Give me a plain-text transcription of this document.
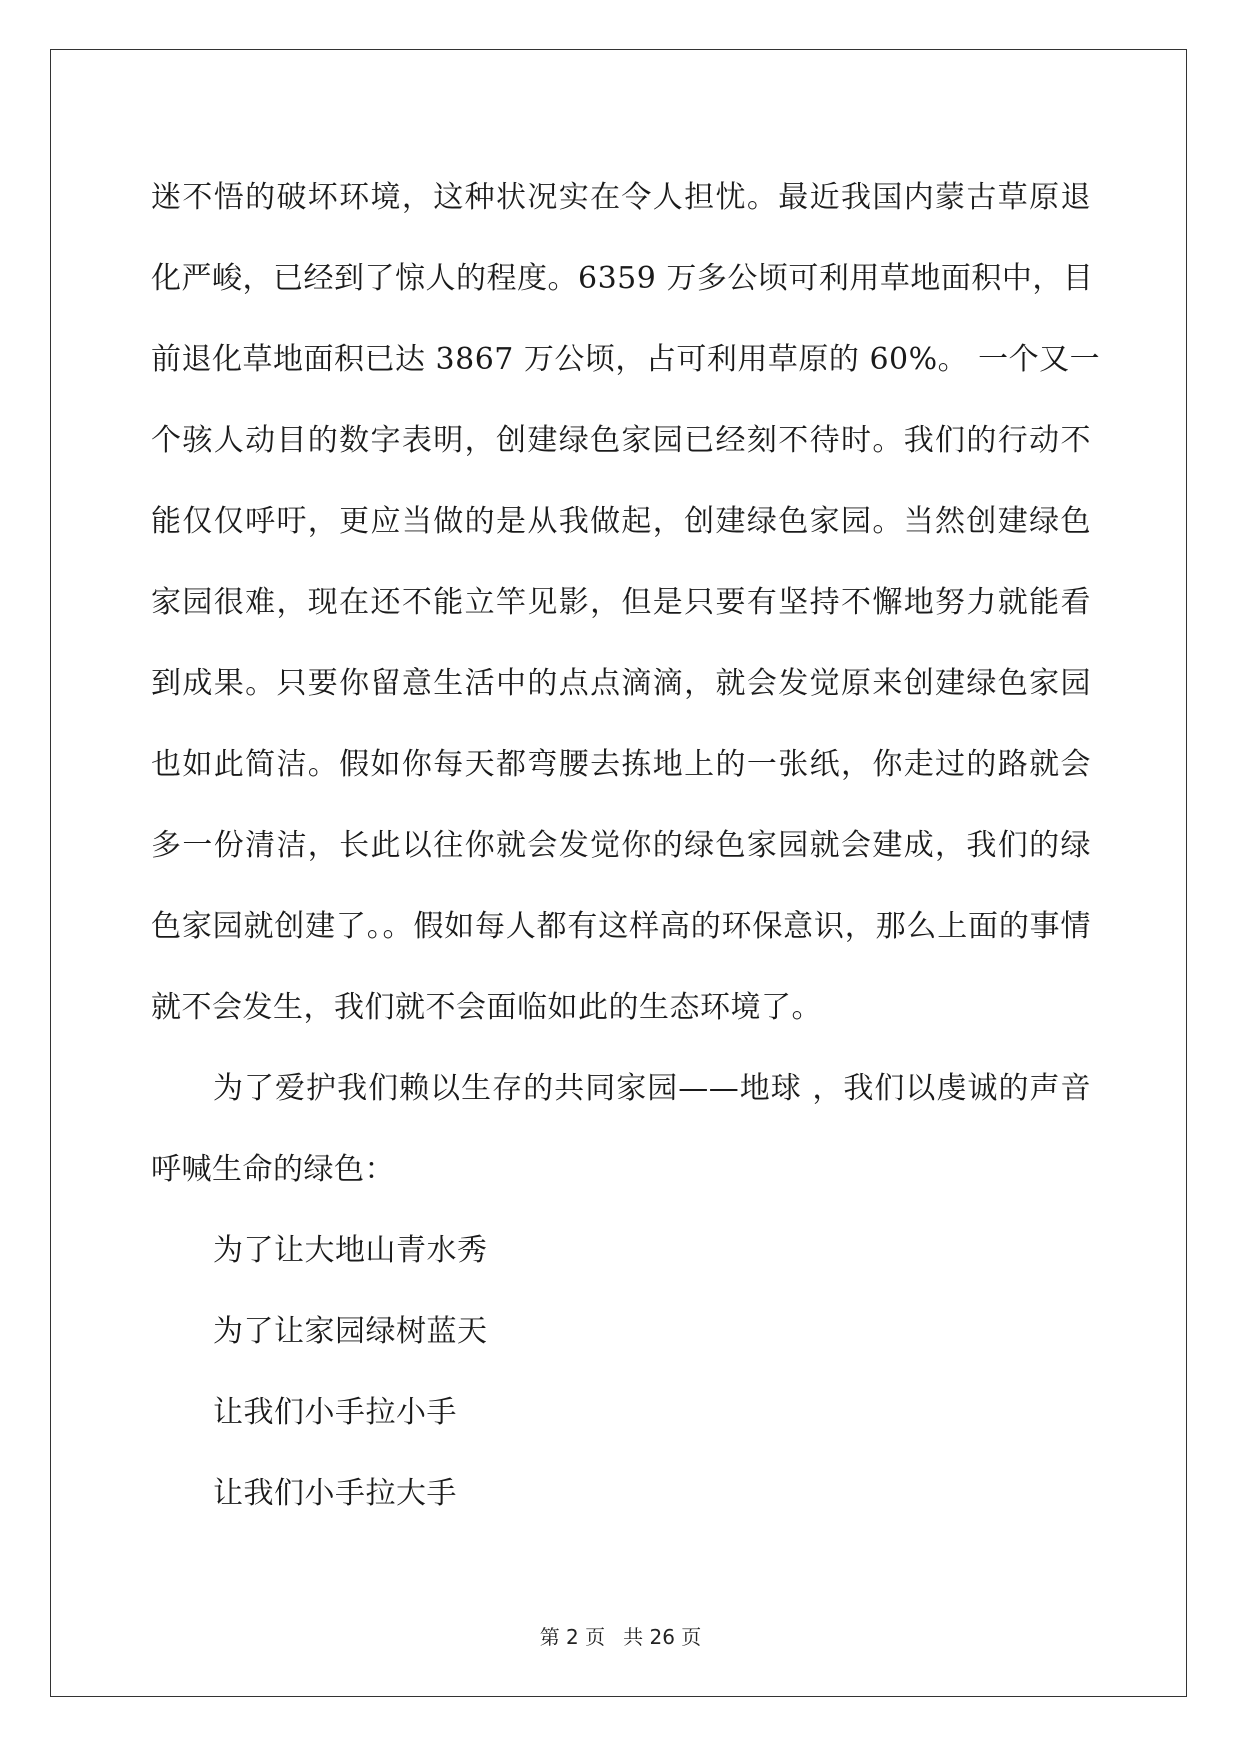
迷不悟的破坏环境，这种状况实在令人担忧。最近我国内蒙古草原退
化严峻，已经到了惊人的程度。6359 万多公顷可利用草地面积中，目
前退化草地面积已达 3867 万公顷，占可利用草原的 60%。 一个又一
个骇人动目的数字表明，创建绿色家园已经刻不待时。我们的行动不
能仅仅呼吁，更应当做的是从我做起，创建绿色家园。当然创建绿色
家园很难，现在还不能立竿见影，但是只要有坚持不懈地努力就能看
到成果。只要你留意生活中的点点滴滴，就会发觉原来创建绿色家园
也如此简洁。假如你每天都弯腰去拣地上的一张纸，你走过的路就会
多一份清洁，长此以往你就会发觉你的绿色家园就会建成，我们的绿
色家园就创建了。。假如每人都有这样高的环保意识，那么上面的事情
就不会发生，我们就不会面临如此的生态环境了。
为了爱护我们赖以生存的共同家园——地球 ，我们以虔诚的声音
呼喊生命的绿色：
为了让大地山青水秀
为了让家园绿树蓝天
让我们小手拉小手
让我们小手拉大手
第 2 页 共 26 页
